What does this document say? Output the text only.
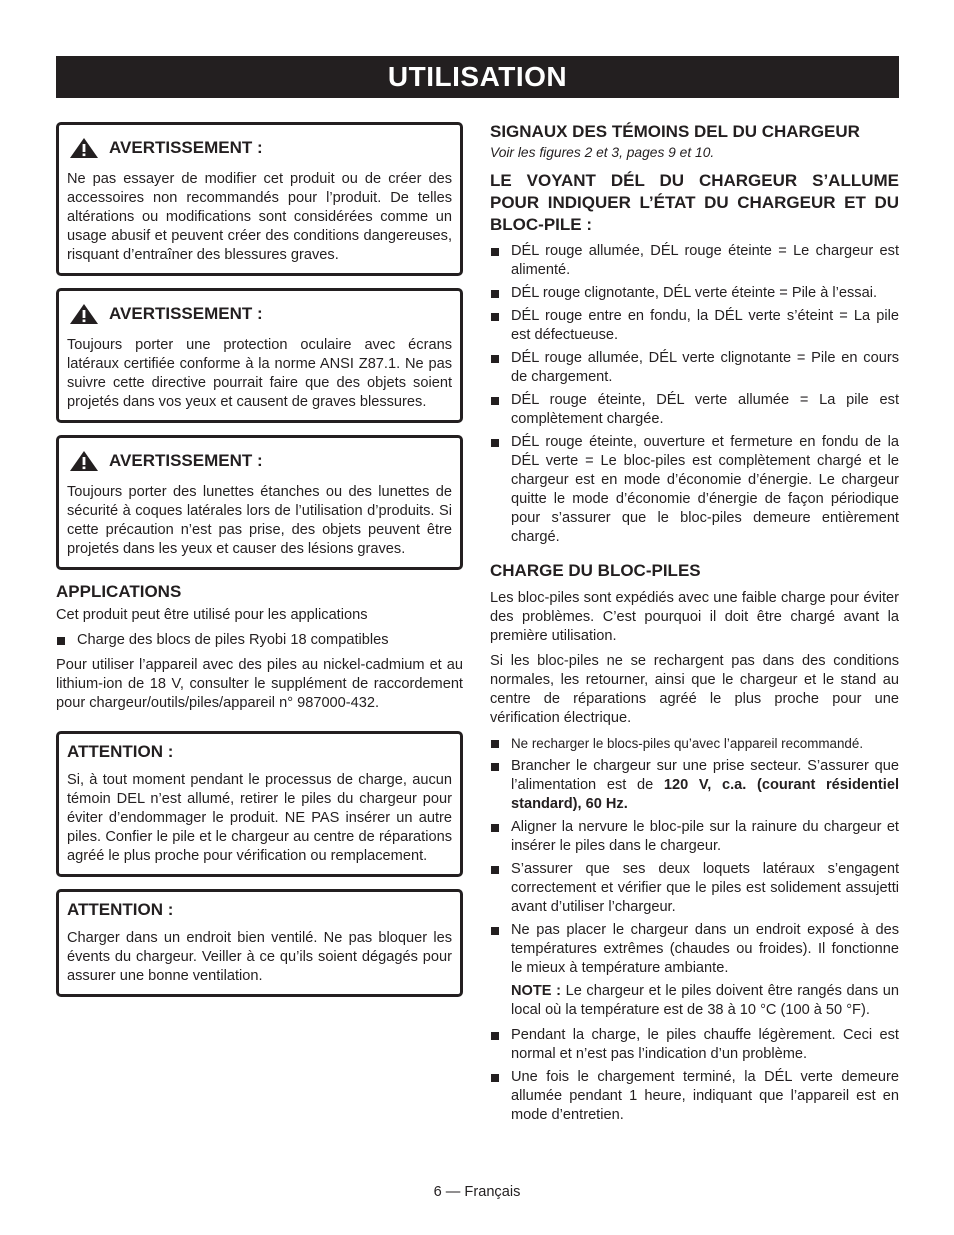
UTILISATION
AVERTISSEMENT :

Ne pas essayer de modifier cet produit ou de créer des accessoires non recommandés pour l’produit. De telles altérations ou modifications sont considérées comme un usage abusif et peuvent créer des conditions dangereuses, risquant d’entraîner des blessures graves.

AVERTISSEMENT :

Toujours porter une protection oculaire avec écrans latéraux certifiée conforme à la norme ANSI Z87.1. Ne pas suivre cette directive pourrait faire que des objets soient projetés dans vos yeux et causent de graves blessures.

AVERTISSEMENT :

Toujours porter des lunettes étanches ou des lunettes de sécurité à coques latérales lors de l’utilisation d’produits. Si cette précaution n’est pas prise, des objets peuvent être projetés dans les yeux et causer des lésions graves.

APPLICATIONS

Cet produit peut être utilisé pour les applications

Charge des blocs de piles Ryobi 18 compatibles

Pour utiliser l’appareil avec des piles au nickel-cadmium et au lithium-ion de 18 V, consulter le supplément de raccordement pour chargeur/outils/piles/appareil n° 987000-432.

ATTENTION :

Si, à tout moment pendant le processus de charge, aucun témoin DEL n’est allumé, retirer le piles du chargeur pour éviter d’endommager le produit. NE PAS insérer un autre piles. Confier le pile et le chargeur au centre de réparations agréé le plus proche pour vérification ou remplacement.

ATTENTION :

Charger dans un endroit bien ventilé. Ne pas bloquer les évents du chargeur. Veiller à ce qu’ils soient dégagés pour assurer une bonne ventilation.

SIGNAUX DES TÉMOINS DEL DU CHARGEUR

Voir les figures 2 et 3, pages 9 et 10.

LE VOYANT DÉL DU CHARGEUR S’ALLUME POUR INDIQUER L’ÉTAT DU CHARGEUR ET DU BLOC-PILE :
DÉL rouge allumée, DÉL rouge éteinte = Le chargeur est alimenté.
DÉL rouge clignotante, DÉL verte éteinte = Pile à l’essai.
DÉL rouge entre en fondu, la DÉL verte s’éteint = La pile est défectueuse.
DÉL rouge allumée, DÉL verte clignotante = Pile en cours de chargement.
DÉL rouge éteinte, DÉL verte allumée = La pile est complètement chargée.
DÉL rouge éteinte, ouverture et fermeture en fondu de la DÉL verte = Le bloc-piles est complètement chargé et le chargeur est en mode d’économie d’énergie. Le chargeur quitte le mode d’économie d’énergie de façon périodique pour s’assurer que le bloc-piles demeure entièrement chargé.
CHARGE DU BLOC-PILES

Les bloc-piles sont expédiés avec une faible charge pour éviter des problèmes. C’est pourquoi il doit être chargé avant la première utilisation.

Si les bloc-piles ne se rechargent pas dans des conditions normales, les retourner, ainsi que le chargeur et le stand au centre de réparations agréé le plus proche pour une vérification électrique.

Ne recharger le blocs-piles qu’avec l’appareil recommandé.
Brancher le chargeur sur une prise secteur. S’assurer que l’alimentation est de 120 V, c.a. (courant résidentiel standard), 60 Hz.
Aligner la nervure le bloc-pile sur la rainure du chargeur et insérer le piles dans le chargeur.
S’assurer que ses deux loquets latéraux s’engagent correctement et vérifier que le piles est solidement assujetti avant d’utiliser l’chargeur.
Ne pas placer le chargeur dans un endroit exposé à des températures extrêmes (chaudes ou froides). Il fonctionne le mieux à température ambiante.

NOTE : Le chargeur et le piles doivent être rangés dans un local où la température est de 38 à 10 °C (100 à 50 °F).

Pendant la charge, le piles chauffe légèrement. Ceci est normal et n’est pas l’indication d’un problème.
Une fois le chargement terminé, la DÉL verte demeure allumée pendant 1 heure, indiquant que l’appareil est en mode d’entretien.
6 — Français
